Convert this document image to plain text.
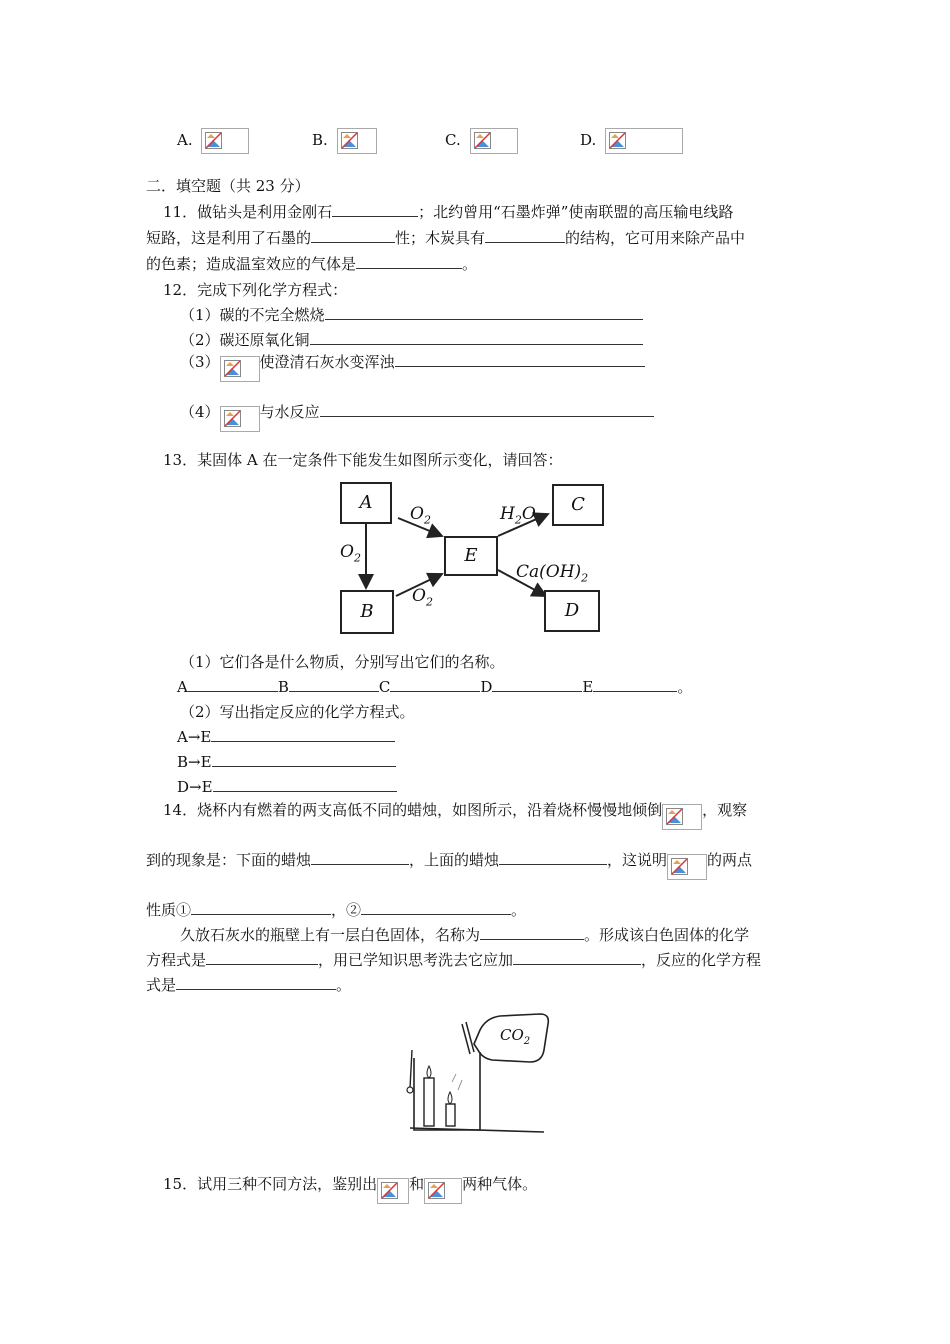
A.	B.	C.	D.
二．填空题（共 23 分）
11．做钻头是利用金刚石	；北约曾用“石墨炸弹”使南联盟的高压输电线路
短路，这是利用了石墨的	性；木炭具有	的结构，它可用来除产品中
的色素；造成温室效应的气体是	。
12．完成下列化学方程式：
（1）碳的不完全燃烧
（2）碳还原氧化铜
（3）	使澄清石灰水变浑浊
（4）	与水反应
13．某固体 A 在一定条件下能发生如图所示变化，请回答：
A	C
E
B	D
$O_2$
$O_2$
$O_2$
$H_2O$
$Ca(OH)_2$
（1）它们各是什么物质，分别写出它们的名称。
A	B	C	D	E	。
（2）写出指定反应的化学方程式。
A→E
B→E
D→E
14．烧杯内有燃着的两支高低不同的蜡烛，如图所示，沿着烧杯慢慢地倾倒	，观察
到的现象是：下面的蜡烛	，上面的蜡烛	，这说明	的两点
性质①	，②	。
久放石灰水的瓶壁上有一层白色固体，名称为	。形成该白色固体的化学
方程式是	，用已学知识思考洗去它应加	，反应的化学方程
式是	。
$CO_2$
15．试用三种不同方法，鉴别出 和	两种气体。
